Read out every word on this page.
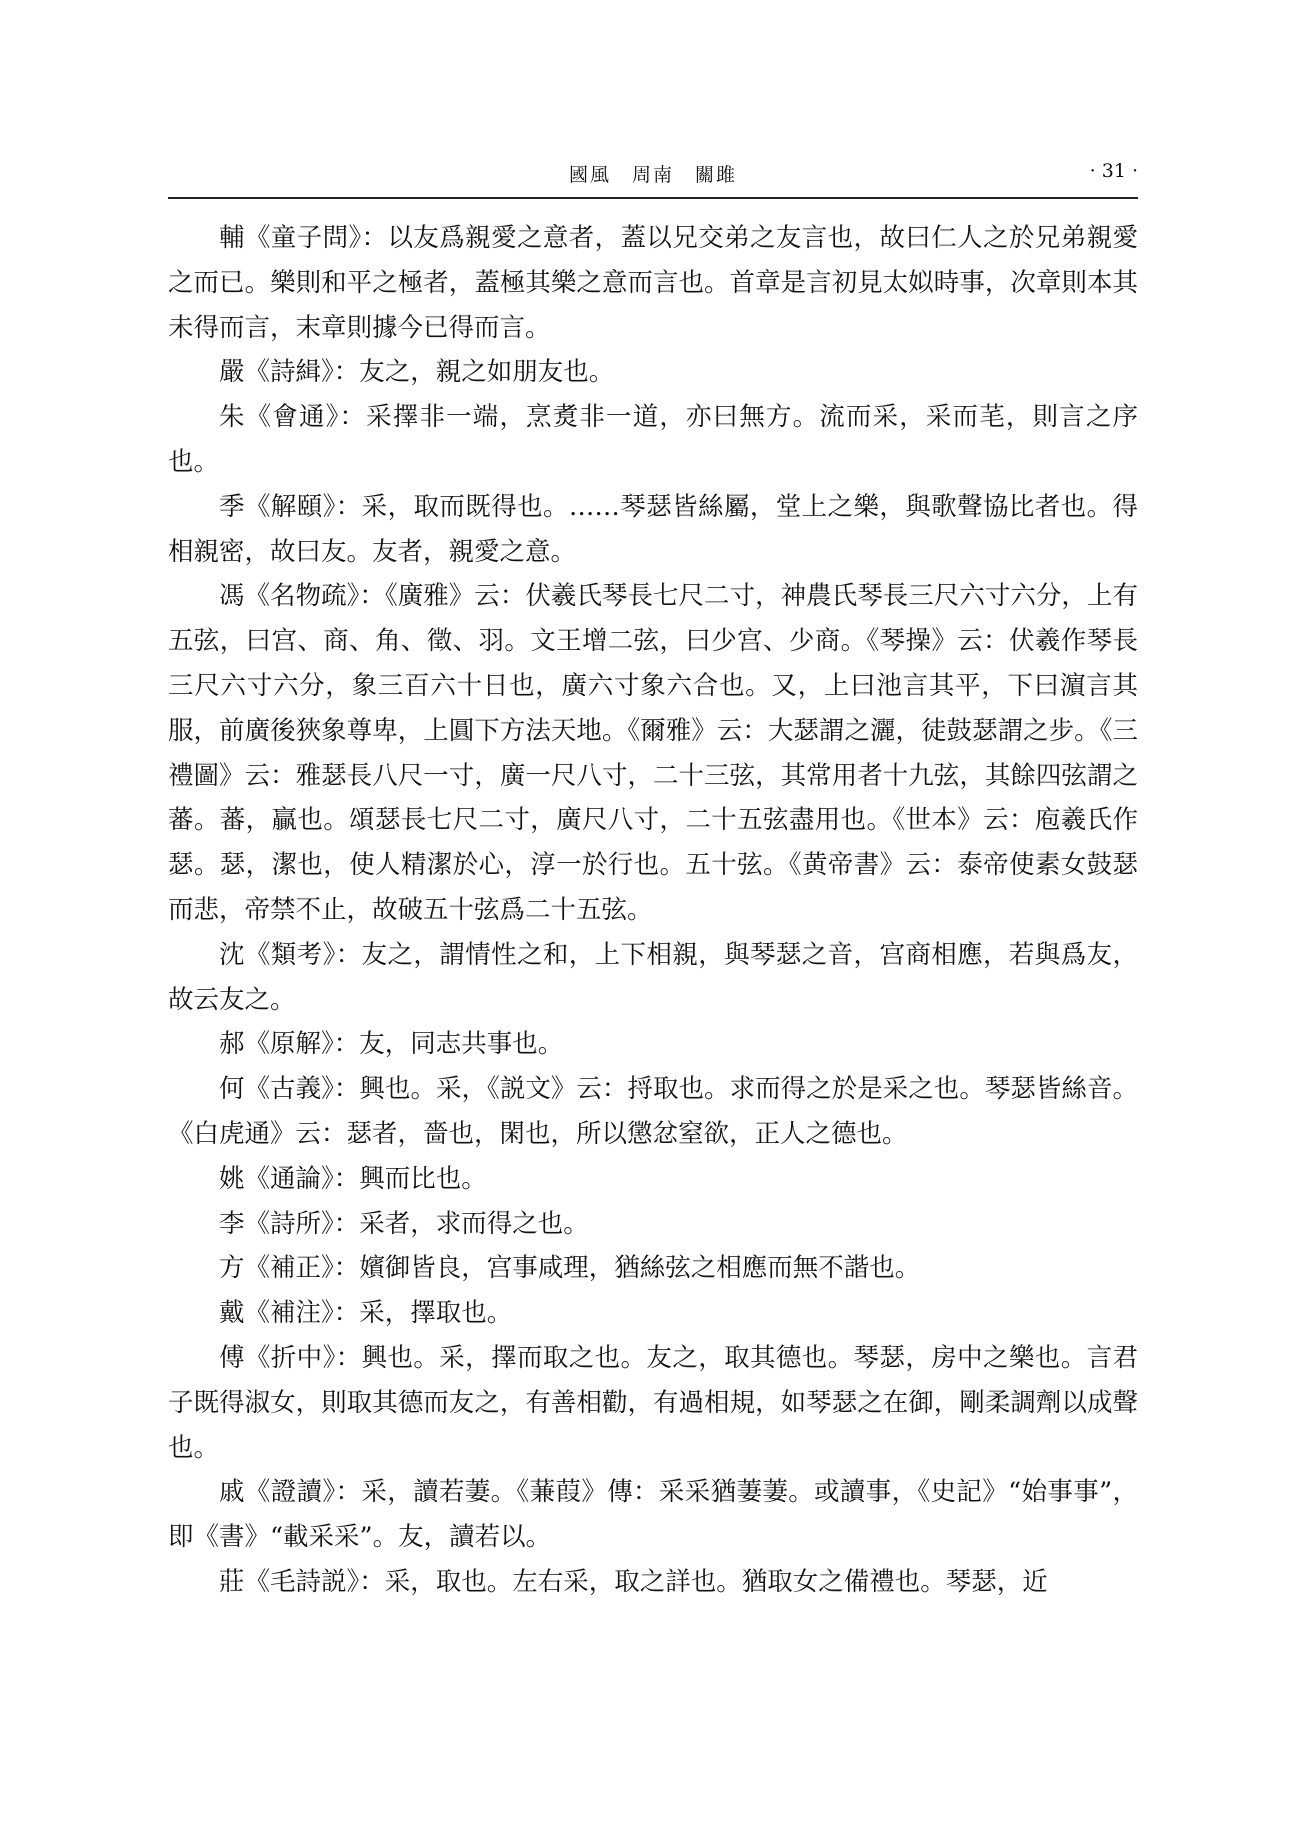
國風　周南　關雎	· 31 ·

輔《童子問》：以友爲親愛之意者，蓋以兄交弟之友言也，故曰仁人之於兄弟親愛之而已。樂則和平之極者，蓋極其樂之意而言也。首章是言初見太姒時事，次章則本其未得而言，末章則據今已得而言。

嚴《詩緝》：友之，親之如朋友也。

朱《會通》：采擇非一端，烹煑非一道，亦曰無方。流而采，采而芼，則言之序也。

季《解頤》：采，取而既得也。……琴瑟皆絲屬，堂上之樂，與歌聲協比者也。得相親密，故曰友。友者，親愛之意。

馮《名物疏》：《廣雅》云：伏羲氏琴長七尺二寸，神農氏琴長三尺六寸六分，上有五弦，曰宫、商、角、徵、羽。文王增二弦，曰少宫、少商。《琴操》云：伏羲作琴長三尺六寸六分，象三百六十日也，廣六寸象六合也。又，上曰池言其平，下曰濵言其服，前廣後狹象尊卑，上圓下方法天地。《爾雅》云：大瑟謂之灑，徒鼓瑟謂之步。《三禮圖》云：雅瑟長八尺一寸，廣一尺八寸，二十三弦，其常用者十九弦，其餘四弦謂之蕃。蕃，贏也。頌瑟長七尺二寸，廣尺八寸，二十五弦盡用也。《世本》云：庖羲氏作瑟。瑟，潔也，使人精潔於心，淳一於行也。五十弦。《黄帝書》云：泰帝使素女鼓瑟而悲，帝禁不止，故破五十弦爲二十五弦。

沈《類考》：友之，謂情性之和，上下相親，與琴瑟之音，宫商相應，若與爲友，故云友之。

郝《原解》：友，同志共事也。

何《古義》：興也。采，《説文》云：捋取也。求而得之於是采之也。琴瑟皆絲音。《白虎通》云：瑟者，嗇也，閑也，所以懲忿窒欲，正人之德也。

姚《通論》：興而比也。

李《詩所》：采者，求而得之也。

方《補正》：嬪御皆良，宫事咸理，猶絲弦之相應而無不諧也。

戴《補注》：采，擇取也。

傅《折中》：興也。采，擇而取之也。友之，取其德也。琴瑟，房中之樂也。言君子既得淑女，則取其德而友之，有善相勸，有過相規，如琴瑟之在御，剛柔調劑以成聲也。

戚《證讀》：采，讀若萋。《蒹葭》傳：采采猶萋萋。或讀事，《史記》“始事事”，即《書》“載采采”。友，讀若以。

莊《毛詩説》：采，取也。左右采，取之詳也。猶取女之備禮也。琴瑟，近
